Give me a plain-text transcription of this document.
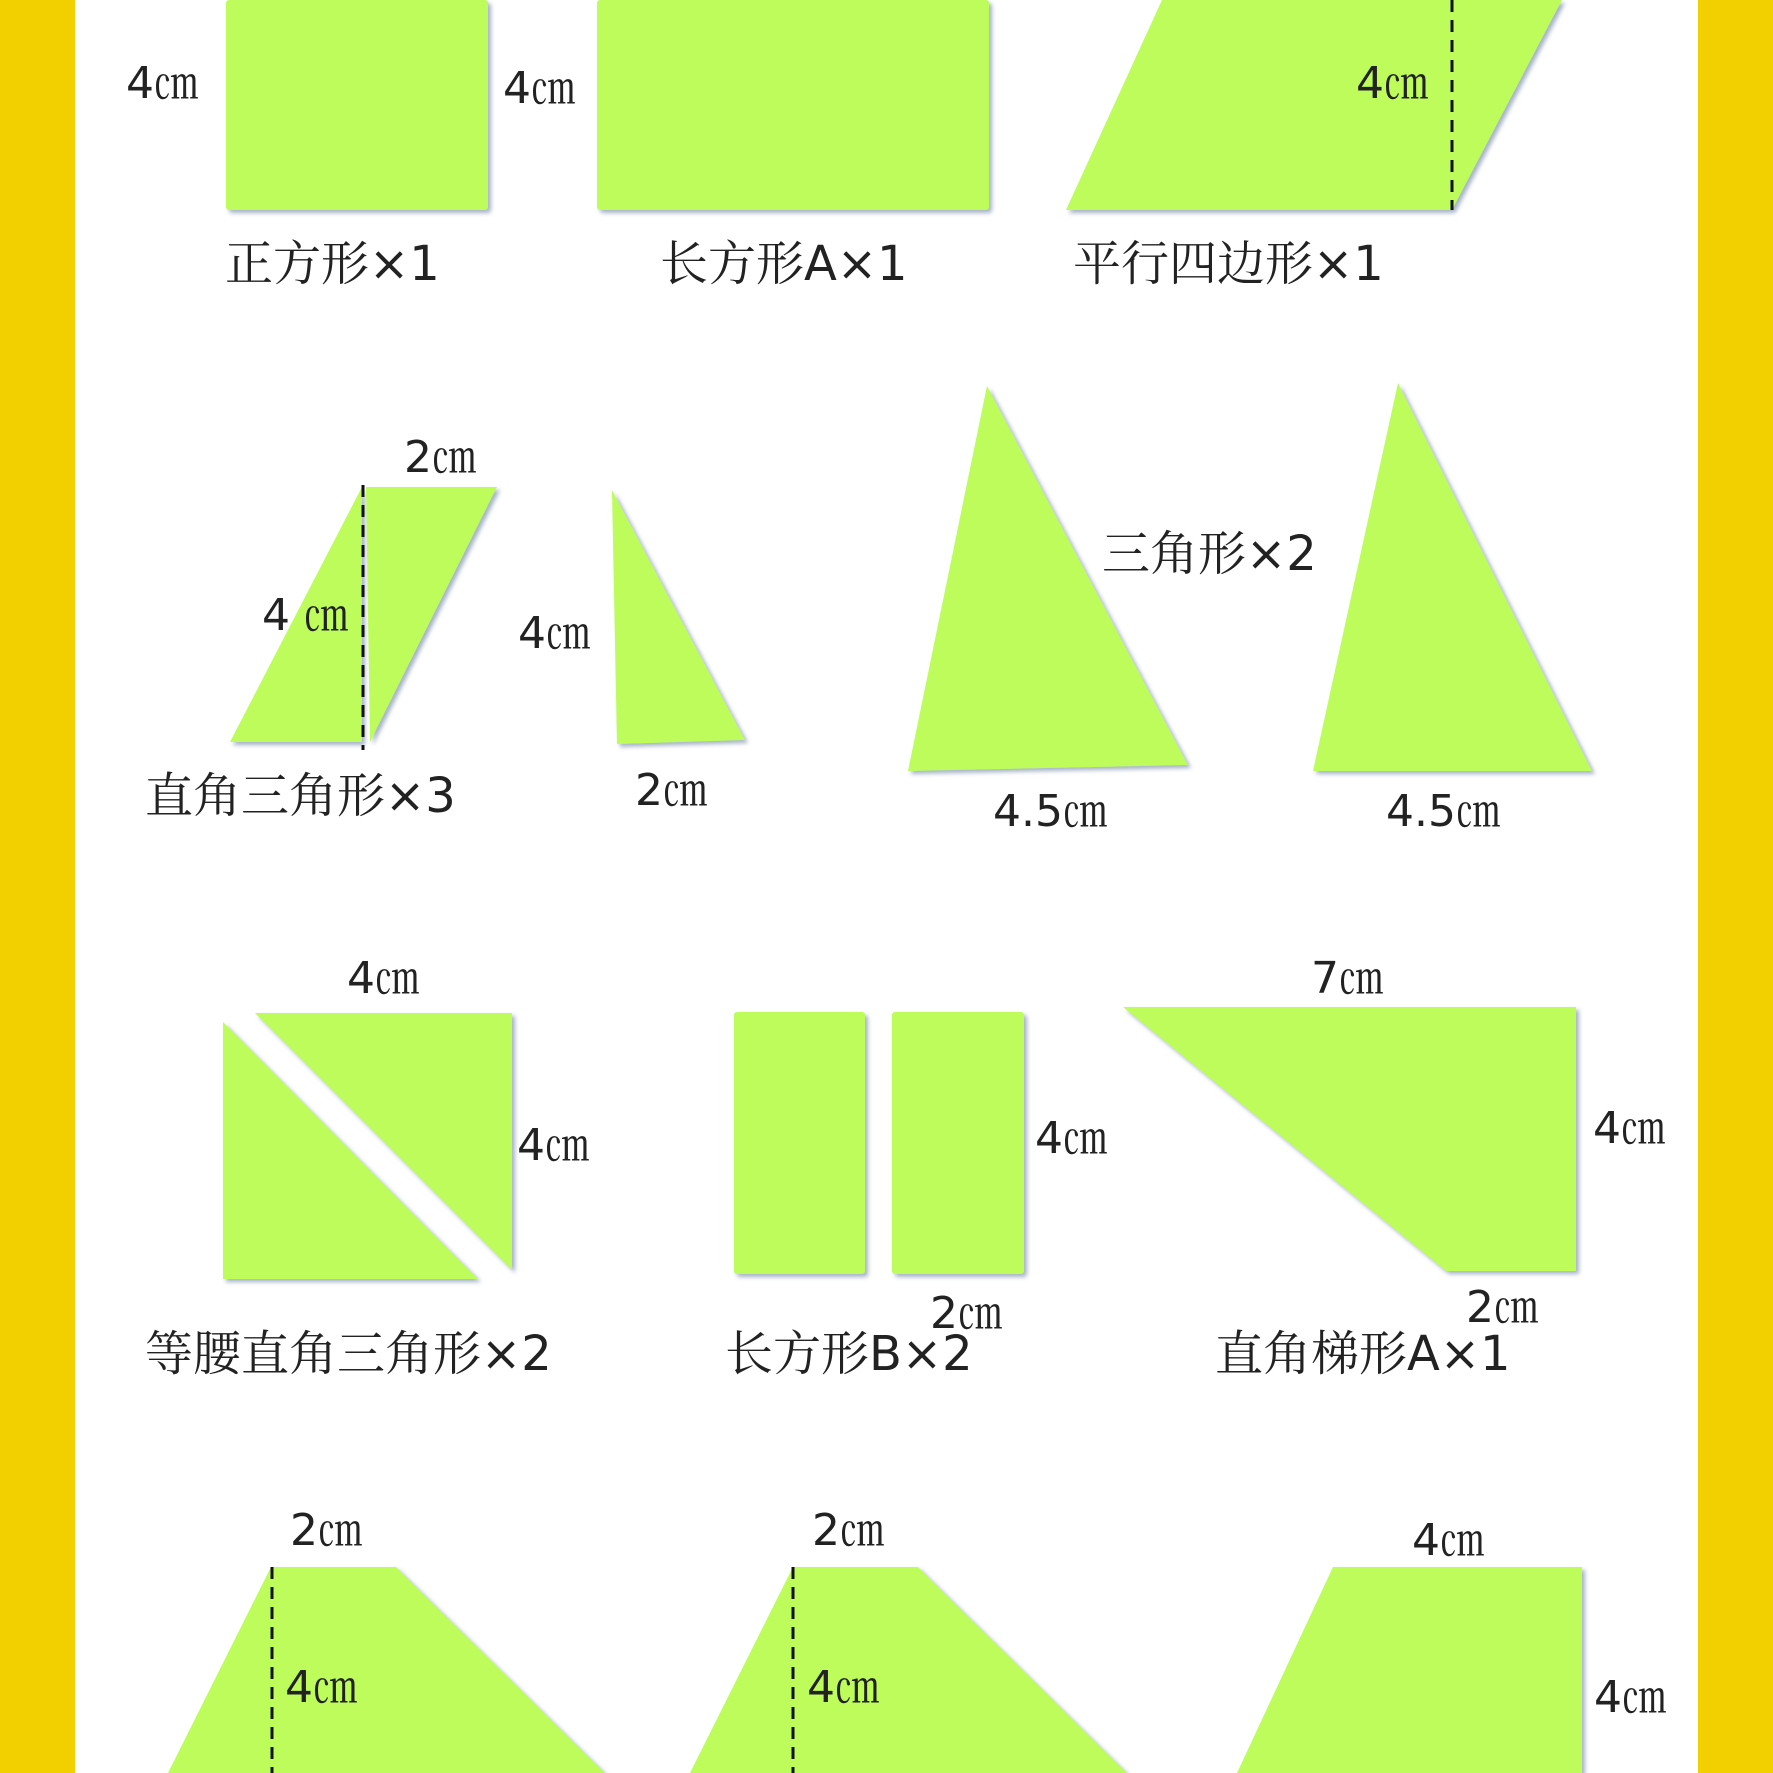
4㎝
正方形×1
4㎝
长方形A×1
4㎝
平行四边形×1
2㎝
4 ㎝
直角三角形×3
4㎝
2㎝	4.5㎝	4.5㎝
三角形×2
4㎝
4㎝
等腰直角三角形×2
4㎝
2㎝
长方形B×2
7㎝
4㎝
2㎝
直角梯形A×1
2㎝
4㎝
2㎝
4㎝
4㎝
4㎝
